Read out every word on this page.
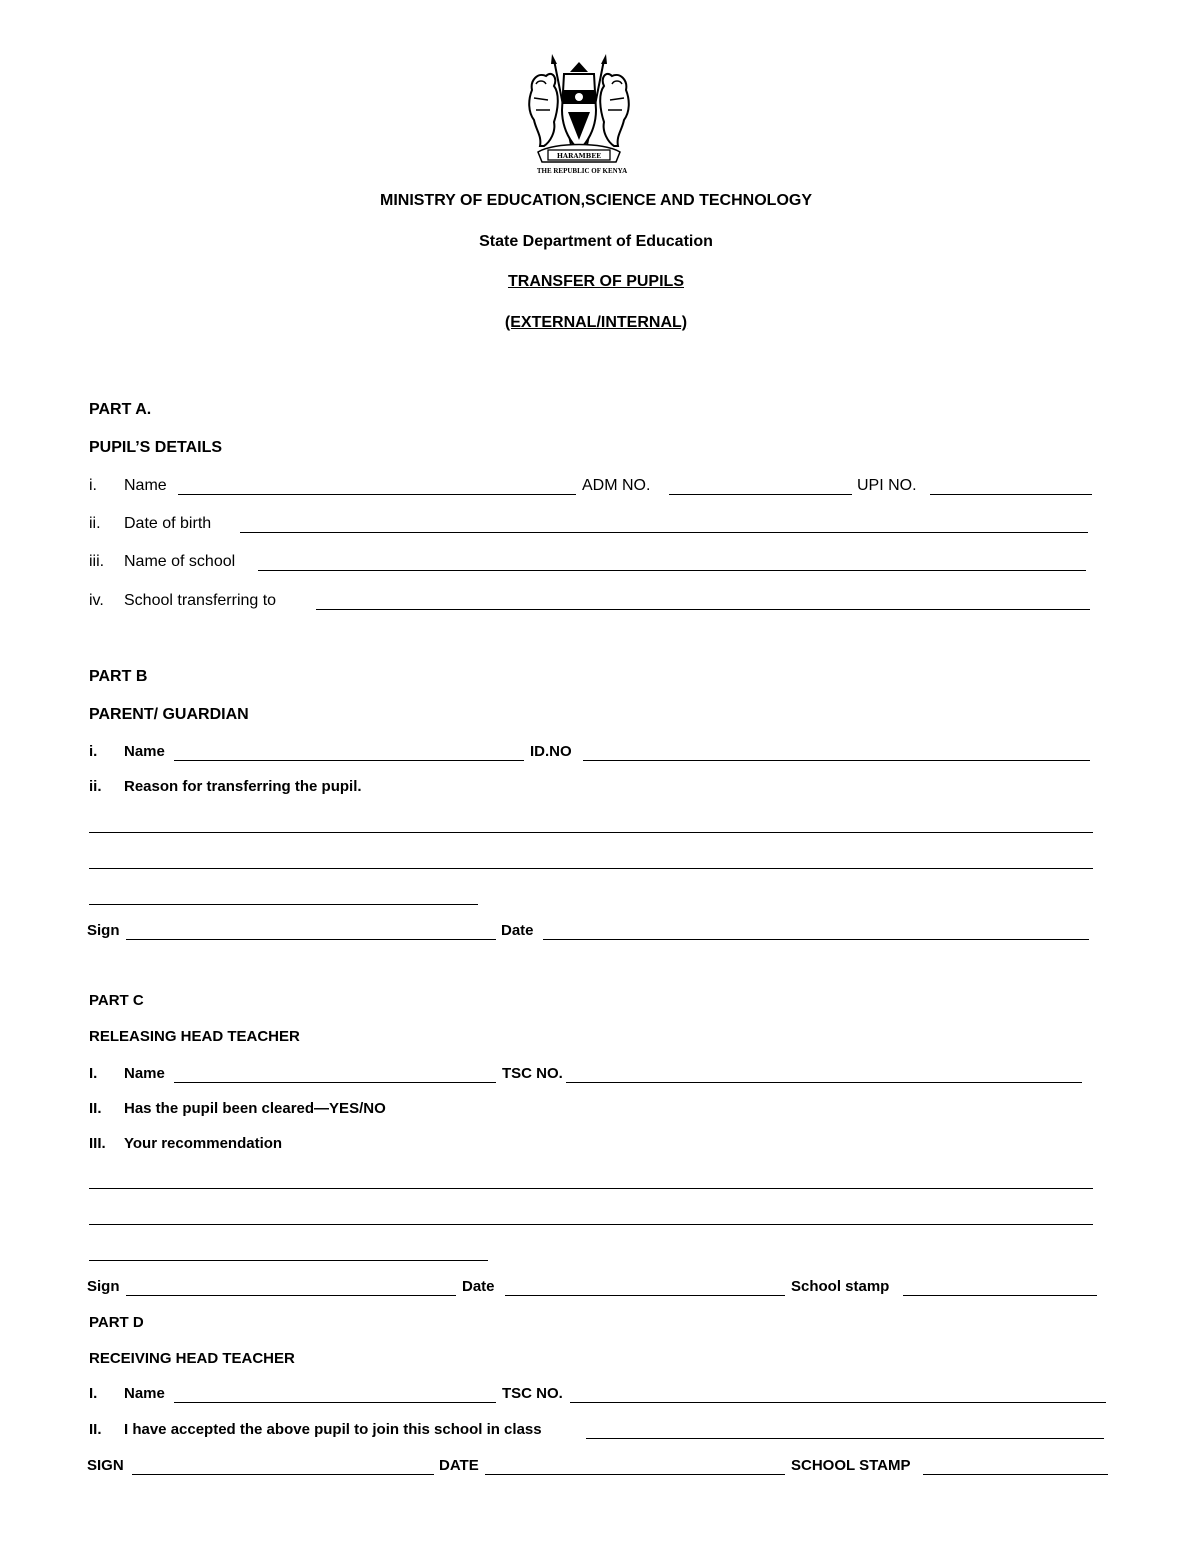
HARAMBEE
THE REPUBLIC OF KENYA
MINISTRY OF EDUCATION,SCIENCE AND TECHNOLOGY
State Department of Education
TRANSFER OF PUPILS
(EXTERNAL/INTERNAL)
PART A.
PUPIL’S DETAILS
i. Name	ADM NO.	UPI NO.
ii. Date of birth
iii. Name of school
iv. School transferring to
PART B
PARENT/ GUARDIAN
i. Name	ID.NO
ii. Reason for transferring the pupil.
Sign	Date
PART C
RELEASING HEAD TEACHER
I. Name	TSC NO.
II. Has the pupil been cleared—YES/NO
III. Your recommendation
Sign	Date	School stamp
PART D
RECEIVING HEAD TEACHER
I. Name	TSC NO.
II. I have accepted the above pupil to join this school in class
SIGN	DATE	SCHOOL STAMP
